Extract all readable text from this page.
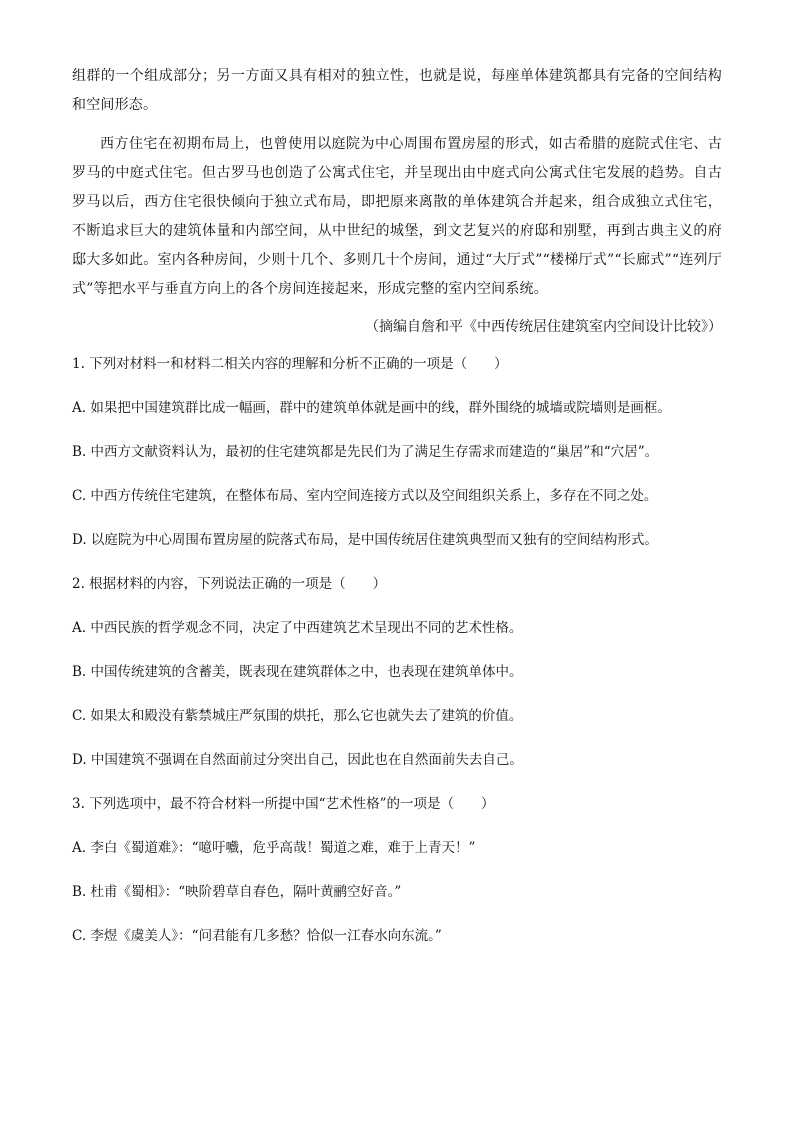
组群的一个组成部分；另一方面又具有相对的独立性，也就是说，每座单体建筑都具有完备的空间结构和空间形态。

西方住宅在初期布局上，也曾使用以庭院为中心周围布置房屋的形式，如古希腊的庭院式住宅、古罗马的中庭式住宅。但古罗马也创造了公寓式住宅，并呈现出由中庭式向公寓式住宅发展的趋势。自古罗马以后，西方住宅很快倾向于独立式布局，即把原来离散的单体建筑合并起来，组合成独立式住宅，不断追求巨大的建筑体量和内部空间，从中世纪的城堡，到文艺复兴的府邸和别墅，再到古典主义的府邸大多如此。室内各种房间，少则十几个、多则几十个房间，通过“大厅式”“楼梯厅式”“长廊式”“连列厅式”等把水平与垂直方向上的各个房间连接起来，形成完整的室内空间系统。

（摘编自詹和平《中西传统居住建筑室内空间设计比较》）

1. 下列对材料一和材料二相关内容的理解和分析不正确的一项是（　　）

A. 如果把中国建筑群比成一幅画，群中的建筑单体就是画中的线，群外围绕的城墙或院墙则是画框。

B. 中西方文献资料认为，最初的住宅建筑都是先民们为了满足生存需求而建造的“巢居”和“穴居”。

C. 中西方传统住宅建筑，在整体布局、室内空间连接方式以及空间组织关系上，多存在不同之处。

D. 以庭院为中心周围布置房屋的院落式布局，是中国传统居住建筑典型而又独有的空间结构形式。

2. 根据材料的内容，下列说法正确的一项是（　　）

A. 中西民族的哲学观念不同，决定了中西建筑艺术呈现出不同的艺术性格。

B. 中国传统建筑的含蓄美，既表现在建筑群体之中，也表现在建筑单体中。

C. 如果太和殿没有紫禁城庄严氛围的烘托，那么它也就失去了建筑的价值。

D. 中国建筑不强调在自然面前过分突出自己，因此也在自然面前失去自己。

3. 下列选项中，最不符合材料一所提中国“艺术性格”的一项是（　　）

A. 李白《蜀道难》：“噫吁嚱，危乎高哉！蜀道之难，难于上青天！”

B. 杜甫《蜀相》：“映阶碧草自春色，隔叶黄鹂空好音。”

C. 李煜《虞美人》：“问君能有几多愁？恰似一江春水向东流。”
